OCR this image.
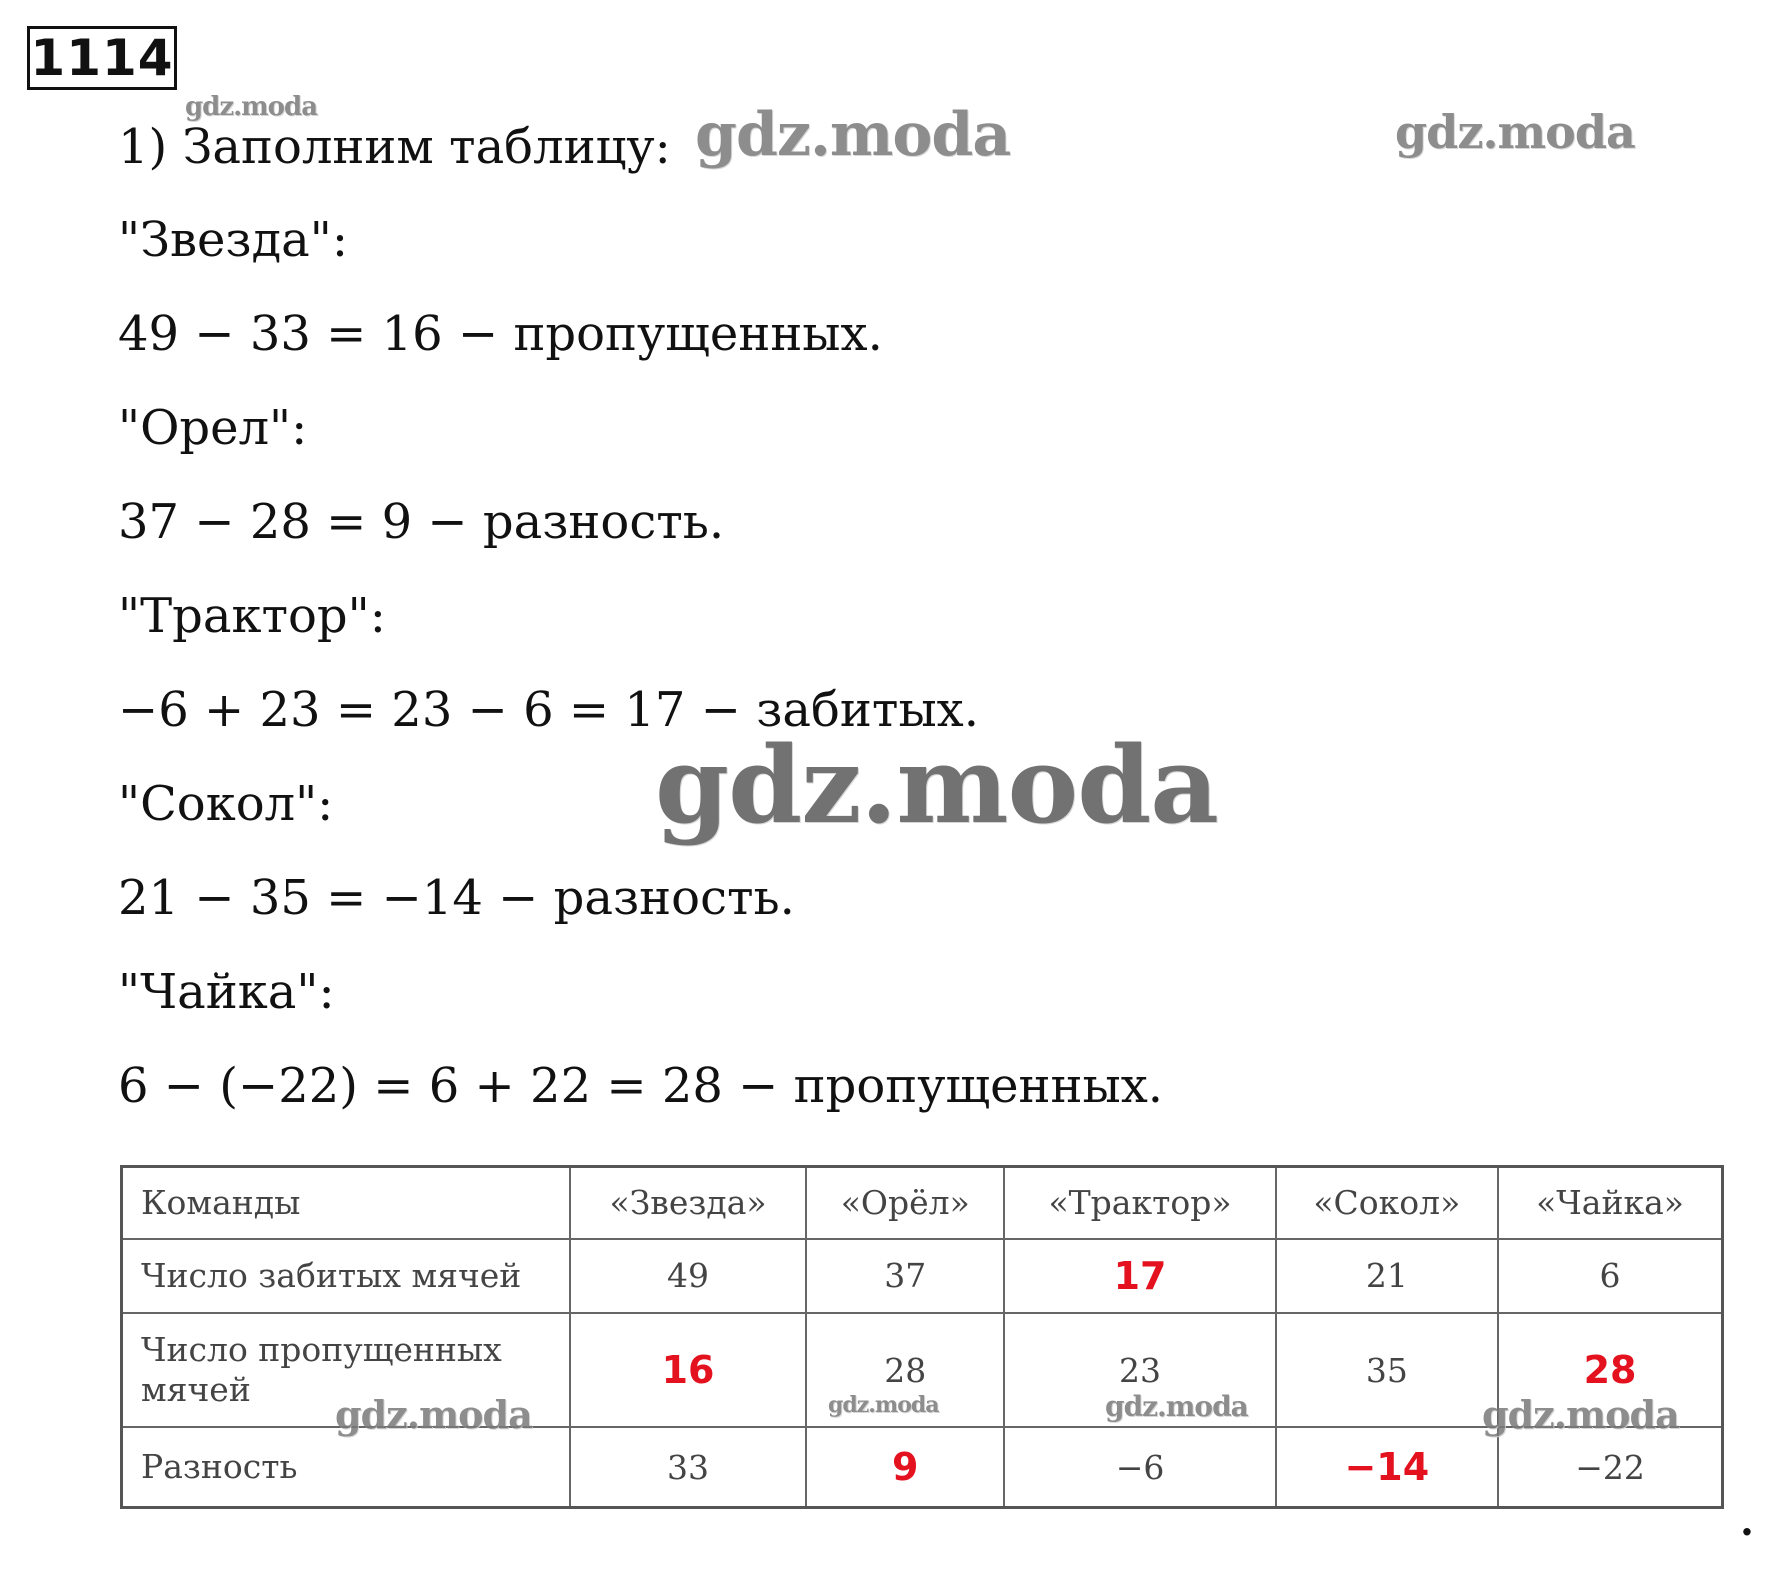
1114
1) Заполним таблицу:
"Звезда":
49 − 33 = 16 − пропущенных.
"Орел":
37 − 28 = 9 − разность.
"Трактор":
−6 + 23 = 23 − 6 = 17 − забитых.
"Сокол":
21 − 35 = −14 − разность.
"Чайка":
6 − (−22) = 6 + 22 = 28 − пропущенных.
gdz.moda	gdz.moda	gdz.moda
gdz.moda
Команды	«Звезда»	«Орёл»	«Трактор»	«Сокол»	«Чайка»
Число забитых мячей	49	37	17	21	6
Число пропущенных мячей	16	28	23	35	28
Разность	33	9	−6	−14	−22
gdz.moda	gdz.moda	gdz.moda	gdz.moda
.
